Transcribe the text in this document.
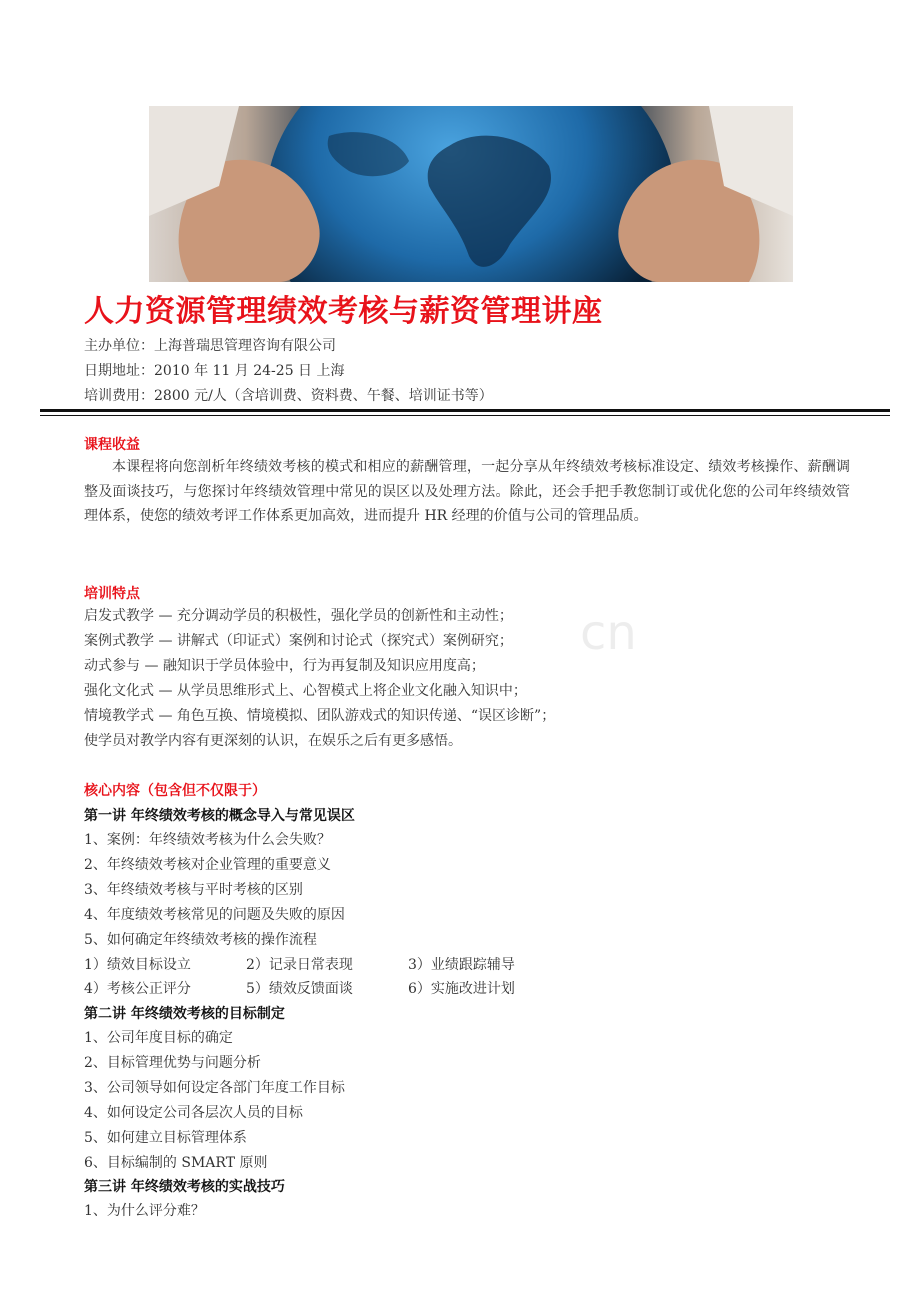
人力资源管理绩效考核与薪资管理讲座
主办单位：上海普瑞思管理咨询有限公司
日期地址：2010 年 11 月 24-25 日 上海
培训费用：2800 元/人（含培训费、资料费、午餐、培训证书等）
课程收益
本课程将向您剖析年终绩效考核的模式和相应的薪酬管理，一起分享从年终绩效考核标准设定、绩效考核操作、薪酬调整及面谈技巧，与您探讨年终绩效管理中常见的误区以及处理方法。除此，还会手把手教您制订或优化您的公司年终绩效管理体系，使您的绩效考评工作体系更加高效，进而提升 HR 经理的价值与公司的管理品质。
cn
培训特点
启发式教学 — 充分调动学员的积极性，强化学员的创新性和主动性；
案例式教学 — 讲解式（印证式）案例和讨论式（探究式）案例研究；
动式参与 — 融知识于学员体验中，行为再复制及知识应用度高；
强化文化式 — 从学员思维形式上、心智模式上将企业文化融入知识中；
情境教学式 — 角色互换、情境模拟、团队游戏式的知识传递、“误区诊断”；
使学员对教学内容有更深刻的认识，在娱乐之后有更多感悟。
核心内容（包含但不仅限于）
第一讲 年终绩效考核的概念导入与常见误区
1、案例：年终绩效考核为什么会失败？
2、年终绩效考核对企业管理的重要意义
3、年终绩效考核与平时考核的区别
4、年度绩效考核常见的问题及失败的原因
5、如何确定年终绩效考核的操作流程
1）绩效目标设立	2）记录日常表现	3）业绩跟踪辅导
4）考核公正评分	5）绩效反馈面谈	6）实施改进计划
第二讲 年终绩效考核的目标制定
1、公司年度目标的确定
2、目标管理优势与问题分析
3、公司领导如何设定各部门年度工作目标
4、如何设定公司各层次人员的目标
5、如何建立目标管理体系
6、目标编制的 SMART 原则
第三讲 年终绩效考核的实战技巧
1、为什么评分难？
